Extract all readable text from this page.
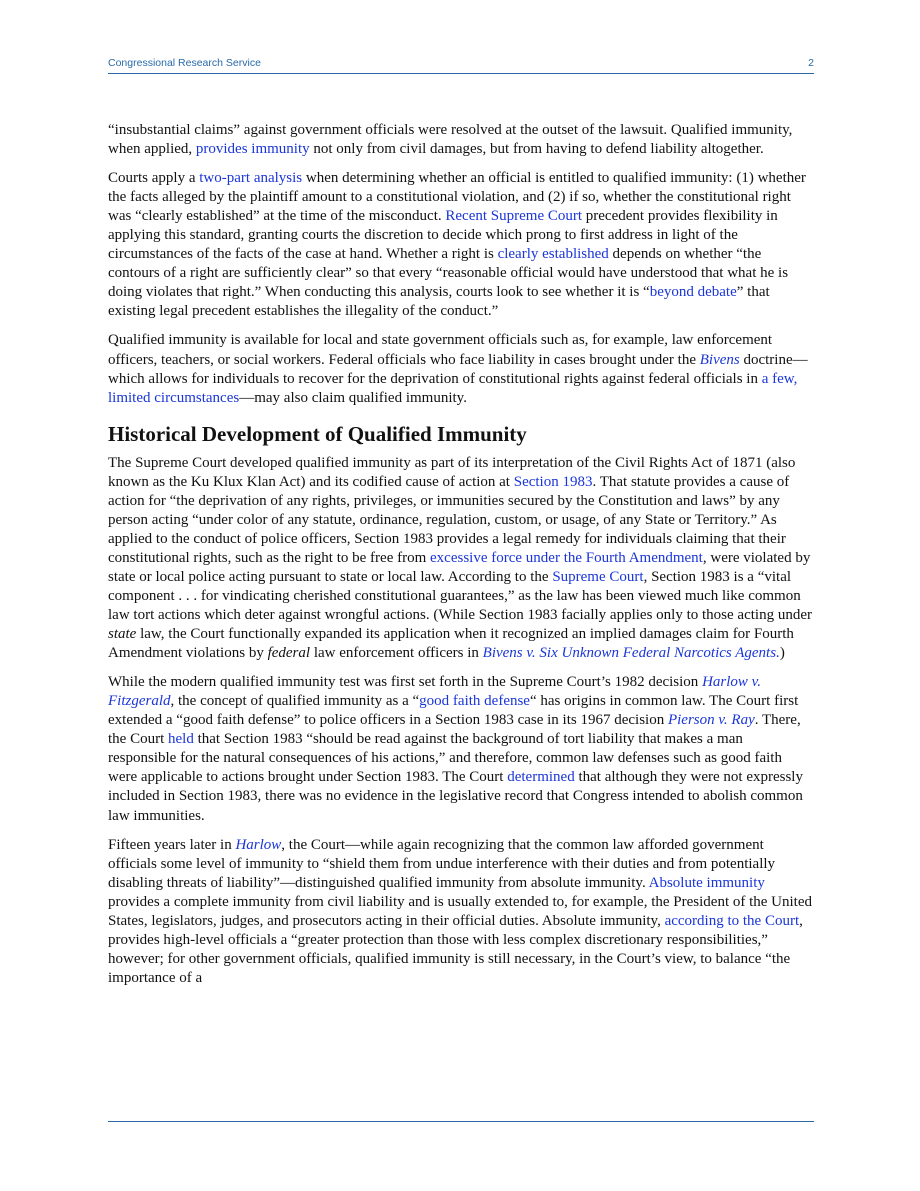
Congressional Research Service	2

“insubstantial claims” against government officials were resolved at the outset of the lawsuit. Qualified immunity, when applied, provides immunity not only from civil damages, but from having to defend liability altogether.

Courts apply a two-part analysis when determining whether an official is entitled to qualified immunity: (1) whether the facts alleged by the plaintiff amount to a constitutional violation, and (2) if so, whether the constitutional right was “clearly established” at the time of the misconduct. Recent Supreme Court precedent provides flexibility in applying this standard, granting courts the discretion to decide which prong to first address in light of the circumstances of the facts of the case at hand. Whether a right is clearly established depends on whether “the contours of a right are sufficiently clear” so that every “reasonable official would have understood that what he is doing violates that right.” When conducting this analysis, courts look to see whether it is “beyond debate” that existing legal precedent establishes the illegality of the conduct.”

Qualified immunity is available for local and state government officials such as, for example, law enforcement officers, teachers, or social workers. Federal officials who face liability in cases brought under the Bivens doctrine—which allows for individuals to recover for the deprivation of constitutional rights against federal officials in a few, limited circumstances—may also claim qualified immunity.

Historical Development of Qualified Immunity

The Supreme Court developed qualified immunity as part of its interpretation of the Civil Rights Act of 1871 (also known as the Ku Klux Klan Act) and its codified cause of action at Section 1983. That statute provides a cause of action for “the deprivation of any rights, privileges, or immunities secured by the Constitution and laws” by any person acting “under color of any statute, ordinance, regulation, custom, or usage, of any State or Territory.” As applied to the conduct of police officers, Section 1983 provides a legal remedy for individuals claiming that their constitutional rights, such as the right to be free from excessive force under the Fourth Amendment, were violated by state or local police acting pursuant to state or local law. According to the Supreme Court, Section 1983 is a “vital component . . . for vindicating cherished constitutional guarantees,” as the law has been viewed much like common law tort actions which deter against wrongful actions. (While Section 1983 facially applies only to those acting under state law, the Court functionally expanded its application when it recognized an implied damages claim for Fourth Amendment violations by federal law enforcement officers in Bivens v. Six Unknown Federal Narcotics Agents.)

While the modern qualified immunity test was first set forth in the Supreme Court’s 1982 decision Harlow v. Fitzgerald, the concept of qualified immunity as a “good faith defense“ has origins in common law. The Court first extended a “good faith defense” to police officers in a Section 1983 case in its 1967 decision Pierson v. Ray. There, the Court held that Section 1983 “should be read against the background of tort liability that makes a man responsible for the natural consequences of his actions,” and therefore, common law defenses such as good faith were applicable to actions brought under Section 1983. The Court determined that although they were not expressly included in Section 1983, there was no evidence in the legislative record that Congress intended to abolish common law immunities.

Fifteen years later in Harlow, the Court—while again recognizing that the common law afforded government officials some level of immunity to “shield them from undue interference with their duties and from potentially disabling threats of liability”—distinguished qualified immunity from absolute immunity. Absolute immunity provides a complete immunity from civil liability and is usually extended to, for example, the President of the United States, legislators, judges, and prosecutors acting in their official duties. Absolute immunity, according to the Court, provides high-level officials a “greater protection than those with less complex discretionary responsibilities,” however; for other government officials, qualified immunity is still necessary, in the Court’s view, to balance “the importance of a
